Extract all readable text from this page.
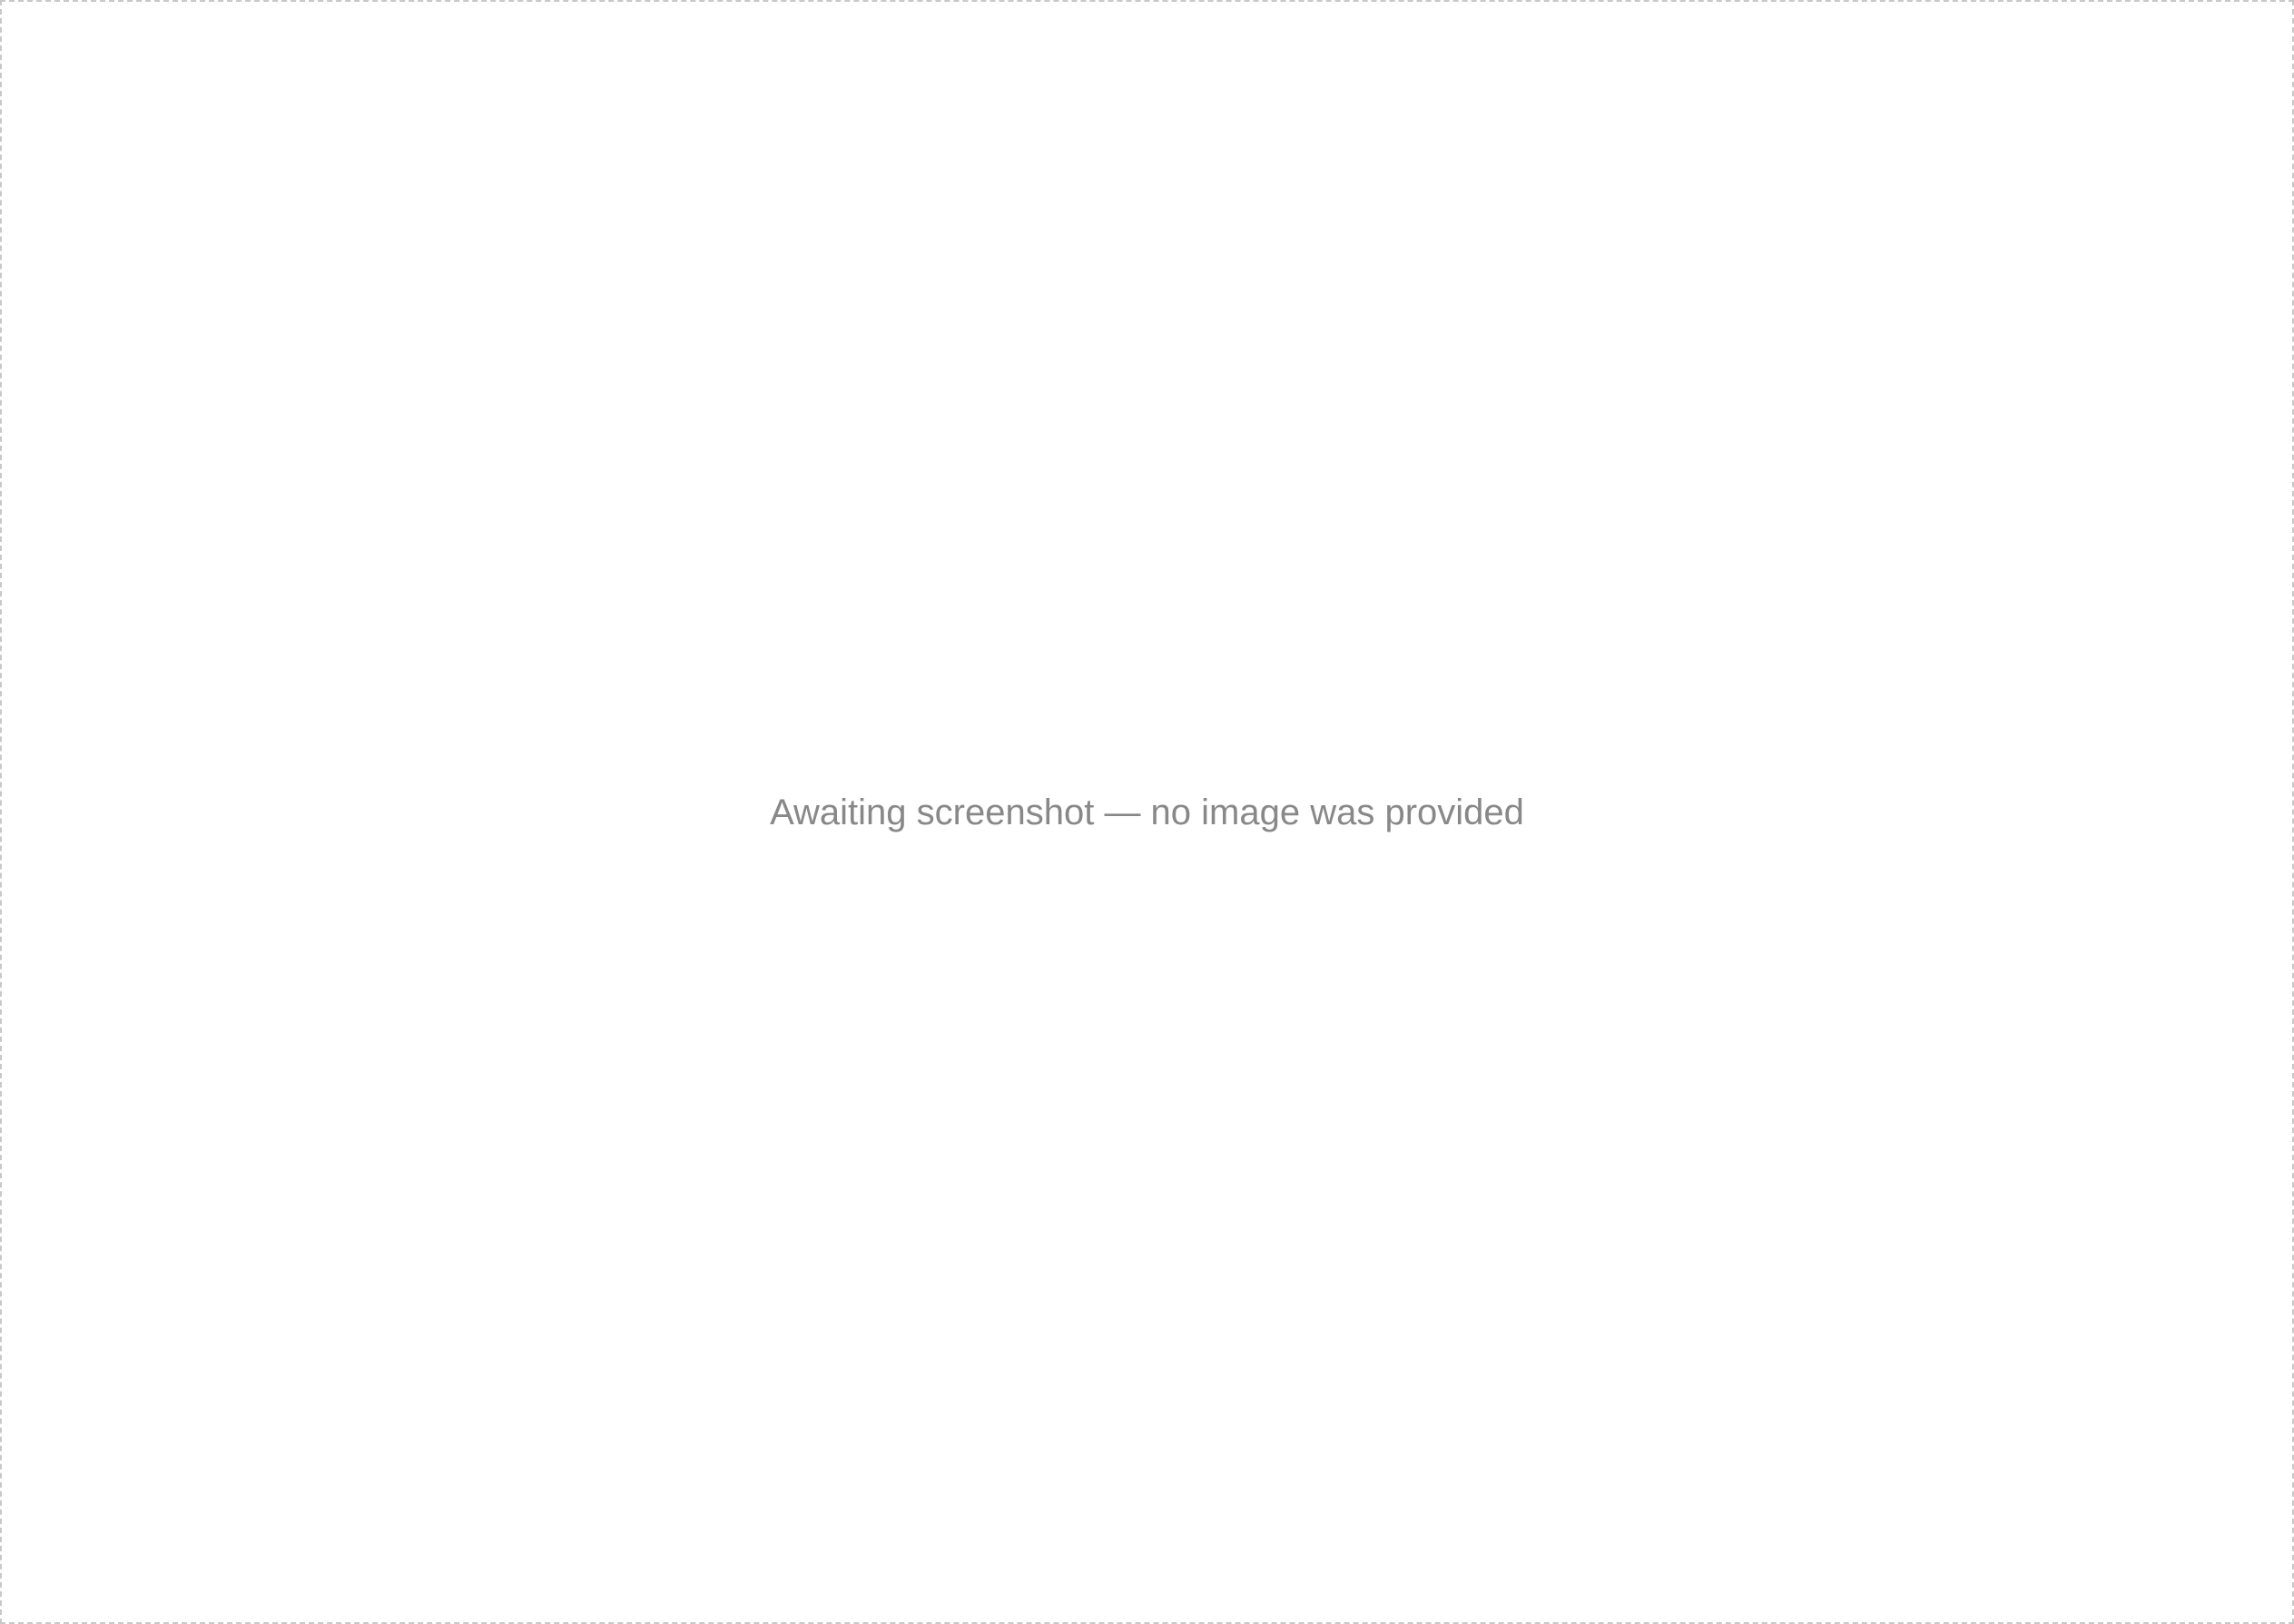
Awaiting screenshot — no image was provided
